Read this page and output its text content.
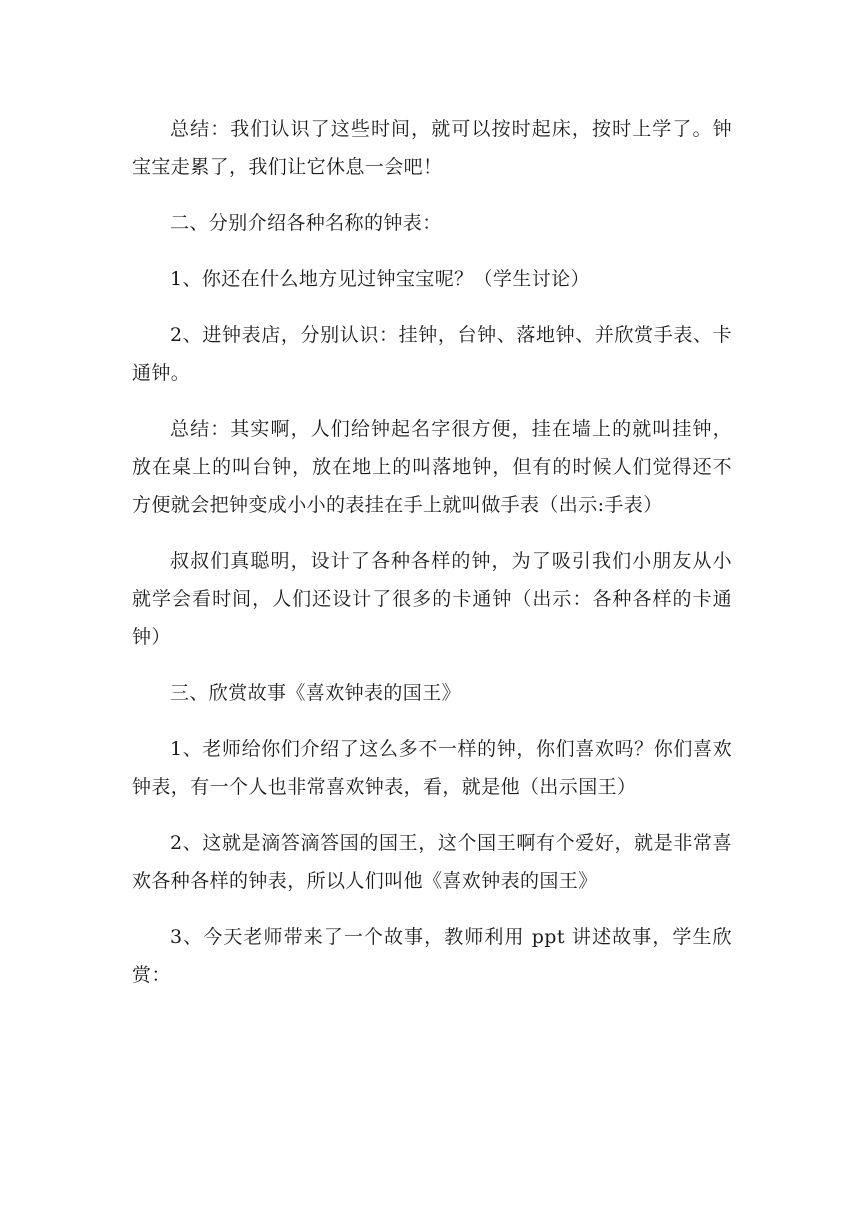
总结：我们认识了这些时间，就可以按时起床，按时上学了。钟宝宝走累了，我们让它休息一会吧！

二、分别介绍各种名称的钟表：

1、你还在什么地方见过钟宝宝呢？（学生讨论）

2、进钟表店，分别认识：挂钟，台钟、落地钟、并欣赏手表、卡通钟。

总结：其实啊，人们给钟起名字很方便，挂在墙上的就叫挂钟，放在桌上的叫台钟，放在地上的叫落地钟，但有的时候人们觉得还不方便就会把钟变成小小的表挂在手上就叫做手表（出示:手表）

叔叔们真聪明，设计了各种各样的钟，为了吸引我们小朋友从小就学会看时间，人们还设计了很多的卡通钟（出示：各种各样的卡通钟）

三、欣赏故事《喜欢钟表的国王》

1、老师给你们介绍了这么多不一样的钟，你们喜欢吗？你们喜欢钟表，有一个人也非常喜欢钟表，看，就是他（出示国王）

2、这就是滴答滴答国的国王，这个国王啊有个爱好，就是非常喜欢各种各样的钟表，所以人们叫他《喜欢钟表的国王》

3、今天老师带来了一个故事，教师利用 ppt 讲述故事，学生欣赏：
